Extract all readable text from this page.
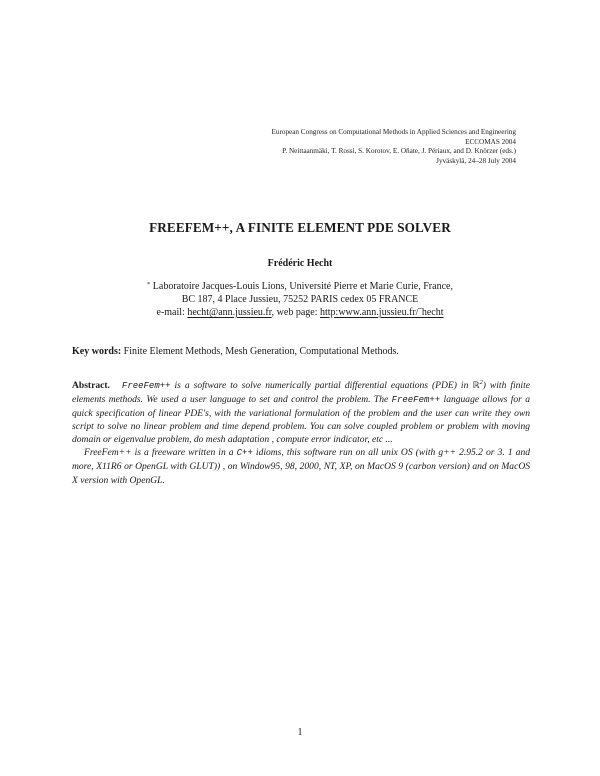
European Congress on Computational Methods in Applied Sciences and Engineering
ECCOMAS 2004
P. Neittaanmäki, T. Rossi, S. Korotov, E. Oñate, J. Périaux, and D. Knörzer (eds.)
Jyväskylä, 24–28 July 2004
FREEFEM++, A FINITE ELEMENT PDE SOLVER
Frédéric Hecht
* Laboratoire Jacques-Louis Lions, Université Pierre et Marie Curie, France,
BC 187, 4 Place Jussieu, 75252 PARIS cedex 05 FRANCE
e-mail: hecht@ann.jussieu.fr, web page: http:www.ann.jussieu.fr/˜hecht
Key words: Finite Element Methods, Mesh Generation, Computational Methods.

Abstract. FreeFem++ is a software to solve numerically partial differential equations (PDE) in ℝ$^2$) with finite elements methods. We used a user language to set and control the problem. The FreeFem++ language allows for a quick specification of linear PDE's, with the variational formulation of the problem and the user can write they own script to solve no linear problem and time depend problem. You can solve coupled problem or problem with moving domain or eigenvalue problem, do mesh adaptation , compute error indicator, etc ...

FreeFem++ is a freeware written in a C++ idioms, this software run on all unix OS (with g++ 2.95.2 or 3. 1 and more, X11R6 or OpenGL with GLUT)) , on Window95, 98, 2000, NT, XP, on MacOS 9 (carbon version) and on MacOS X version with OpenGL.

1
